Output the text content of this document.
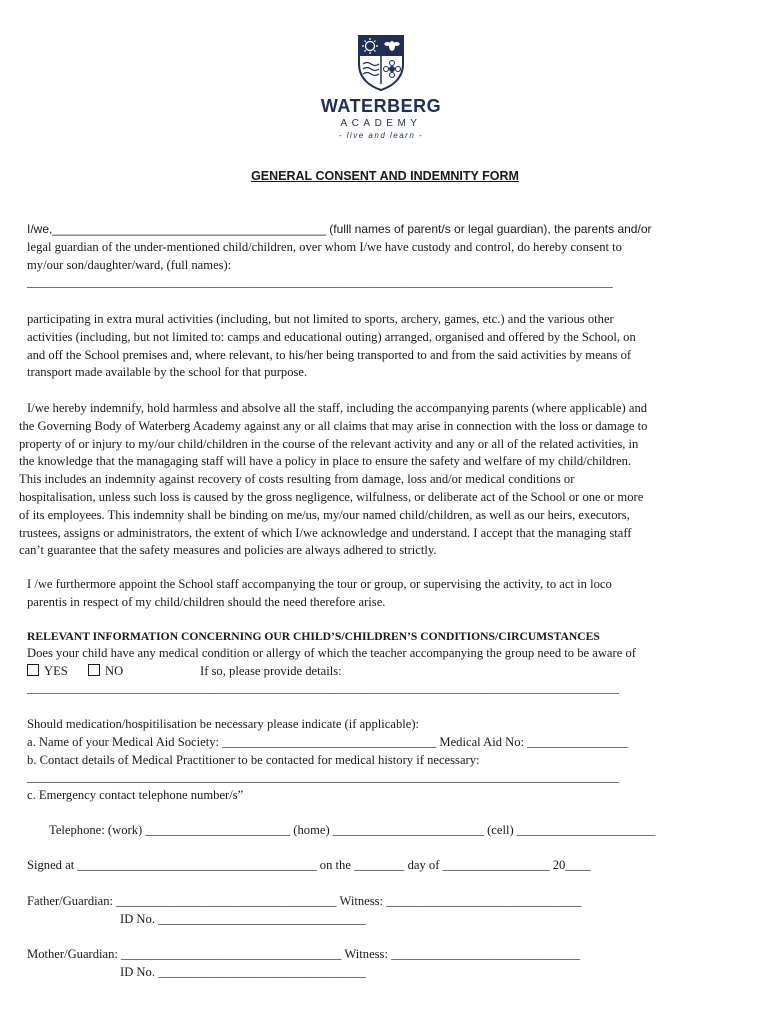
WATERBERG
ACADEMY
- live and learn -
GENERAL CONSENT AND INDEMNITY FORM
I/we,_________________________________________ (fulll names of parent/s or legal guardian), the parents and/or
legal guardian of the under-mentioned child/children, over whom I/we have custody and control, do hereby consent to
my/our son/daughter/ward, (full names):
_____________________________________________________________________________________________
participating in extra mural activities (including, but not limited to sports, archery, games, etc.) and the various other
activities (including, but not limited to: camps and educational outing) arranged, organised and offered by the School, on
and off the School premises and, where relevant, to his/her being transported to and from the said activities by means of
transport made available by the school for that purpose.
I/we hereby indemnify, hold harmless and absolve all the staff, including the accompanying parents (where applicable) and
the Governing Body of Waterberg Academy against any or all claims that may arise in connection with the loss or damage to
property of or injury to my/our child/children in the course of the relevant activity and any or all of the related activities, in
the knowledge that the managaging staff will have a policy in place to ensure the safety and welfare of my child/children.
This includes an indemnity against recovery of costs resulting from damage, loss and/or medical conditions or
hospitalisation, unless such loss is caused by the gross negligence, wilfulness, or deliberate act of the School or one or more
of its employees. This indemnity shall be binding on me/us, my/our named child/children, as well as our heirs, executors,
trustees, assigns or administrators, the extent of which I/we acknowledge and understand. I accept that the managing staff
can’t guarantee that the safety measures and policies are always adhered to strictly.
I /we furthermore appoint the School staff accompanying the tour or group, or supervising the activity, to act in loco
parentis in respect of my child/children should the need therefore arise.
RELEVANT INFORMATION CONCERNING OUR CHILD’S/CHILDREN’S CONDITIONS/CIRCUMSTANCES
Does your child have any medical condition or allergy of which the teacher accompanying the group need to be aware of
YES	NO	If so, please provide details:
______________________________________________________________________________________________
Should medication/hospitilisation be necessary please indicate (if applicable):
a. Name of your Medical Aid Society: __________________________________ Medical Aid No: ________________
b. Contact details of Medical Practitioner to be contacted for medical history if necessary:
______________________________________________________________________________________________
c. Emergency contact telephone number/s”
Telephone: (work) _______________________ (home) ________________________ (cell) ______________________
Signed at ______________________________________ on the ________ day of _________________ 20____
Father/Guardian: ___________________________________ Witness: _______________________________
ID No. _________________________________
Mother/Guardian: ___________________________________ Witness: ______________________________
ID No. _________________________________
